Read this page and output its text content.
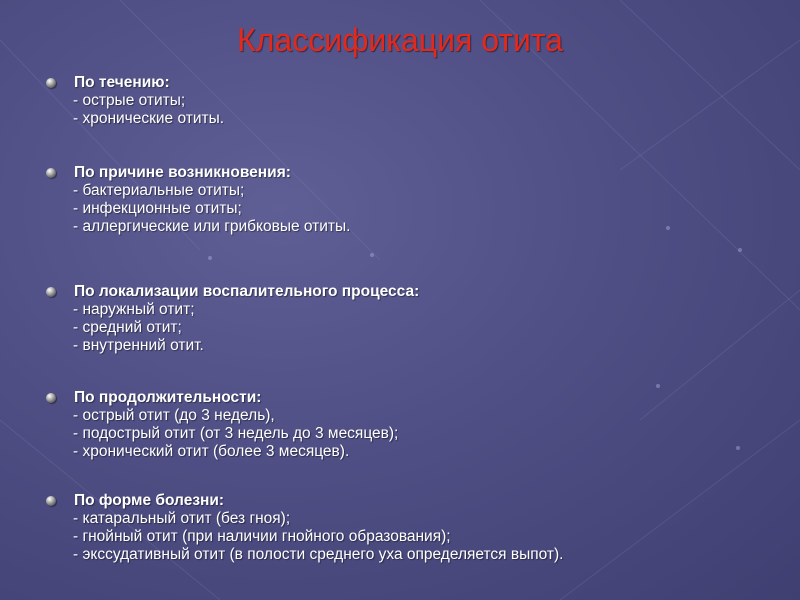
Классификация отита
По течению:
- острые отиты;
- хронические отиты.
По причине возникновения:
- бактериальные отиты;
- инфекционные отиты;
- аллергические или грибковые отиты.
По локализации воспалительного процесса:
- наружный отит;
- средний отит;
- внутренний отит.
По продолжительности:
- острый отит (до 3 недель),
- подострый отит (от 3 недель до 3 месяцев);
- хронический отит (более 3 месяцев).
По форме болезни:
- катаральный отит (без гноя);
- гнойный отит (при наличии гнойного образования);
- экссудативный отит (в полости среднего уха определяется выпот).
